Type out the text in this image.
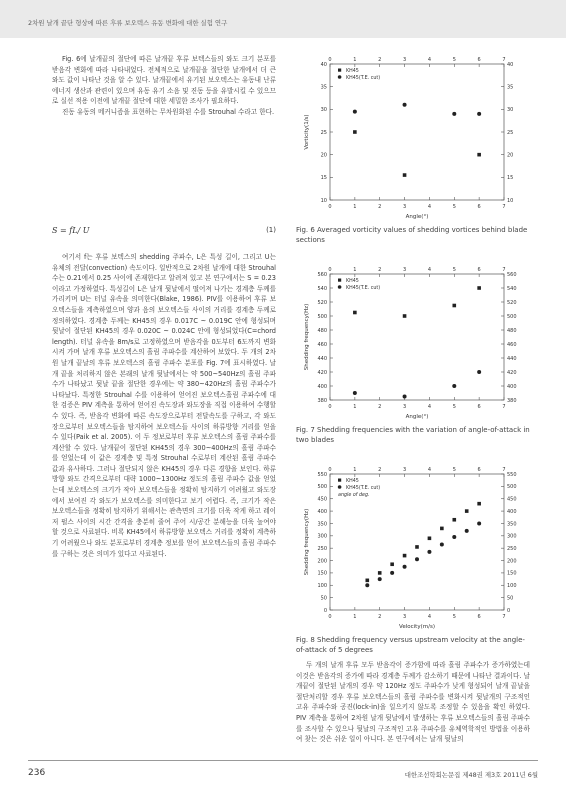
2차원 날개 끝단 형상에 따른 후류 보오텍스 유동 변화에 대한 실험 연구

Fig. 6에 날개끝의 절단에 따른 날개끝 후류 보텍스들의 와도 크기 분포를 받음각 변화에 따라 나타내었다. 전체적으로 날개끝을 절단한 날개에서 더 큰 와도 값이 나타난 것을 알 수 있다. 날개끝에서 유기된 보오텍스는 유동내 난류 에너지 생산과 관련이 있으며 유동 유기 소음 및 진동 등을 유발시킬 수 있으므로 실선 적용 이전에 날개끝 절단에 대한 세밀한 조사가 필요하다.

진동 유동의 메커니즘을 표현하는 무차원화된 수를 Strouhal 수라고 한다.

S = fL/ U	(1)

여기서 f는 후류 보텍스의 shedding 주파수, L은 특성 길이, 그리고 U는 유체의 전달(convection) 속도이다. 일반적으로 2차원 날개에 대한 Strouhal 수는 0.21에서 0.25 사이에 존재한다고 알려져 있고 본 연구에서는 S = 0.23이라고 가정하였다. 특성길이 L은 날개 뒷날에서 떨어져 나가는 경계층 두께를 가리키며 U는 터널 유속을 의미한다(Blake, 1986). PIV를 이용하여 후류 보오텍스들을 계측하였으며 양과 음의 보오텍스들 사이의 거리를 경계층 두께로 정의하였다. 경계층 두께는 KH45의 경우 0.017C ~ 0.019C 안에 형성되며 뒷날이 절단된 KH45의 경우 0.020C ~ 0.024C 안에 형성되었다(C=chord length). 터널 유속을 8m/s로 고정하였으며 받음각을 0도부터 6도까지 변화시켜 가며 날개 후류 보오텍스의 흘림 주파수를 계산하여 보았다. 두 개의 2차원 날개 끝날의 후류 보오텍스의 흘림 주파수 분포를 Fig. 7에 표시하였다. 날개 끝을 처리하지 않은 본래의 날개 뒷날에서는 약 500~540Hz의 흘림 주파수가 나타났고 뒷날 끝을 절단한 경우에는 약 380~420Hz의 흘림 주파수가 나타났다. 특정한 Strouhal 수를 이용하여 얻어진 보오텍스흘림 주파수에 대한 검증은 PIV 계측을 통하여 얻어진 속도장과 와도장을 직접 이용하여 수행할 수 있다. 즉, 받음각 변화에 따른 속도장으로부터 전달속도를 구하고, 각 와도장으로부터 보오텍스들을 탐지하여 보오텍스들 사이의 하류방향 거리를 얻을 수 있다(Paik et al. 2005). 이 두 정보로부터 후류 보오텍스의 흘림 주파수를 계산할 수 있다. 날개끝이 절단된 KH45의 경우 300~400Hz의 흘림 주파수를 얻었는데 이 값은 경계층 및 특정 Strouhal 수로부터 계산된 흘림 주파수 값과 유사하다. 그러나 절단되지 않은 KH45의 경우 다른 경향을 보인다. 하류방향 와도 간격으로부터 대략 1000~1300Hz 정도의 흘림 주파수 값을 얻었는데 보오텍스의 크기가 작아 보오텍스들을 정확히 탐지하기 어려웠고 와도장에서 보여진 각 와도가 보오텍스를 의미한다고 보기 어렵다. 즉, 크기가 작은 보오텍스들을 정확히 탐지하기 위해서는 관측면의 크기를 더욱 작게 하고 레이저 펄스 사이의 시간 간격을 충분히 줄여 주어 시/공간 분해능을 더욱 높여야 할 것으로 사료된다. 비록 KH45에서 하류방향 보오텍스 거리를 정확히 계측하기 어려웠으나 와도 분포로부터 경계층 정보를 얻어 보오텍스들의 흘림 주파수를 구하는 것은 의미가 있다고 사료된다.

0
0
1
1
2
2
3
3
4
4
5
5
6
6
7
7
10	10
15	15
20	20
25	25
30	30
35	35
40	40
Angle(°)
Vorticity(1/s)
KH45
KH45(T.E. cut)
Fig. 6 Averaged vorticity values of shedding vortices behind blade sections
0
0
1
1
2
2
3
3
4
4
5
5
6
6
7
7
380	380
400	400
420	420
440	440
460	460
480	480
500	500
520	520
540	540
560	560
Angle(°)
Shedding frequency(Hz)
KH45
KH45(T.E. cut)
Fig. 7 Shedding frequencies with the variation of angle-of-attack in two blades
0
0
1
1
2
2
3
3
4
4
5
5
6
6
7
7
0	0
50	50
100	100
150	150
200	200
250	250
300	300
350	350
400	400
450	450
500	500
550	550
Velocity(m/s)
Shedding frequency(Hz)
KH45
KH45(T.E. cut)
angle of deg.
Fig. 8 Shedding frequency versus upstream velocity at the angle-of-attack of 5 degrees

두 개의 날개 후류 모두 받음각이 증가함에 따라 흘림 주파수가 증가하였는데 이것은 받음각의 증가에 따라 경계층 두께가 감소하기 때문에 나타난 결과이다. 날개끝이 절단된 날개의 경우 약 120Hz 정도 주파수가 낮게 형성되어 날개 끝날을 절단처리할 경우 후류 보오텍스들의 흘림 주파수를 변화시켜 뒷날개의 구조적인 고유 주파수와 공진(lock-in)을 일으키지 않도록 조정할 수 있음을 확인 하였다. PIV 계측을 통하여 2차원 날개 뒷날에서 발생하는 후류 보오텍스들의 흘림 주파수를 조사할 수 있으나 뒷날의 구조적인 고유 주파수를 유체역학적인 방법을 이용하여 찾는 것은 쉬운 일이 아니다. 본 연구에서는 날개 뒷날의

236	대한조선학회논문집 제48권 제3호 2011년 6월
